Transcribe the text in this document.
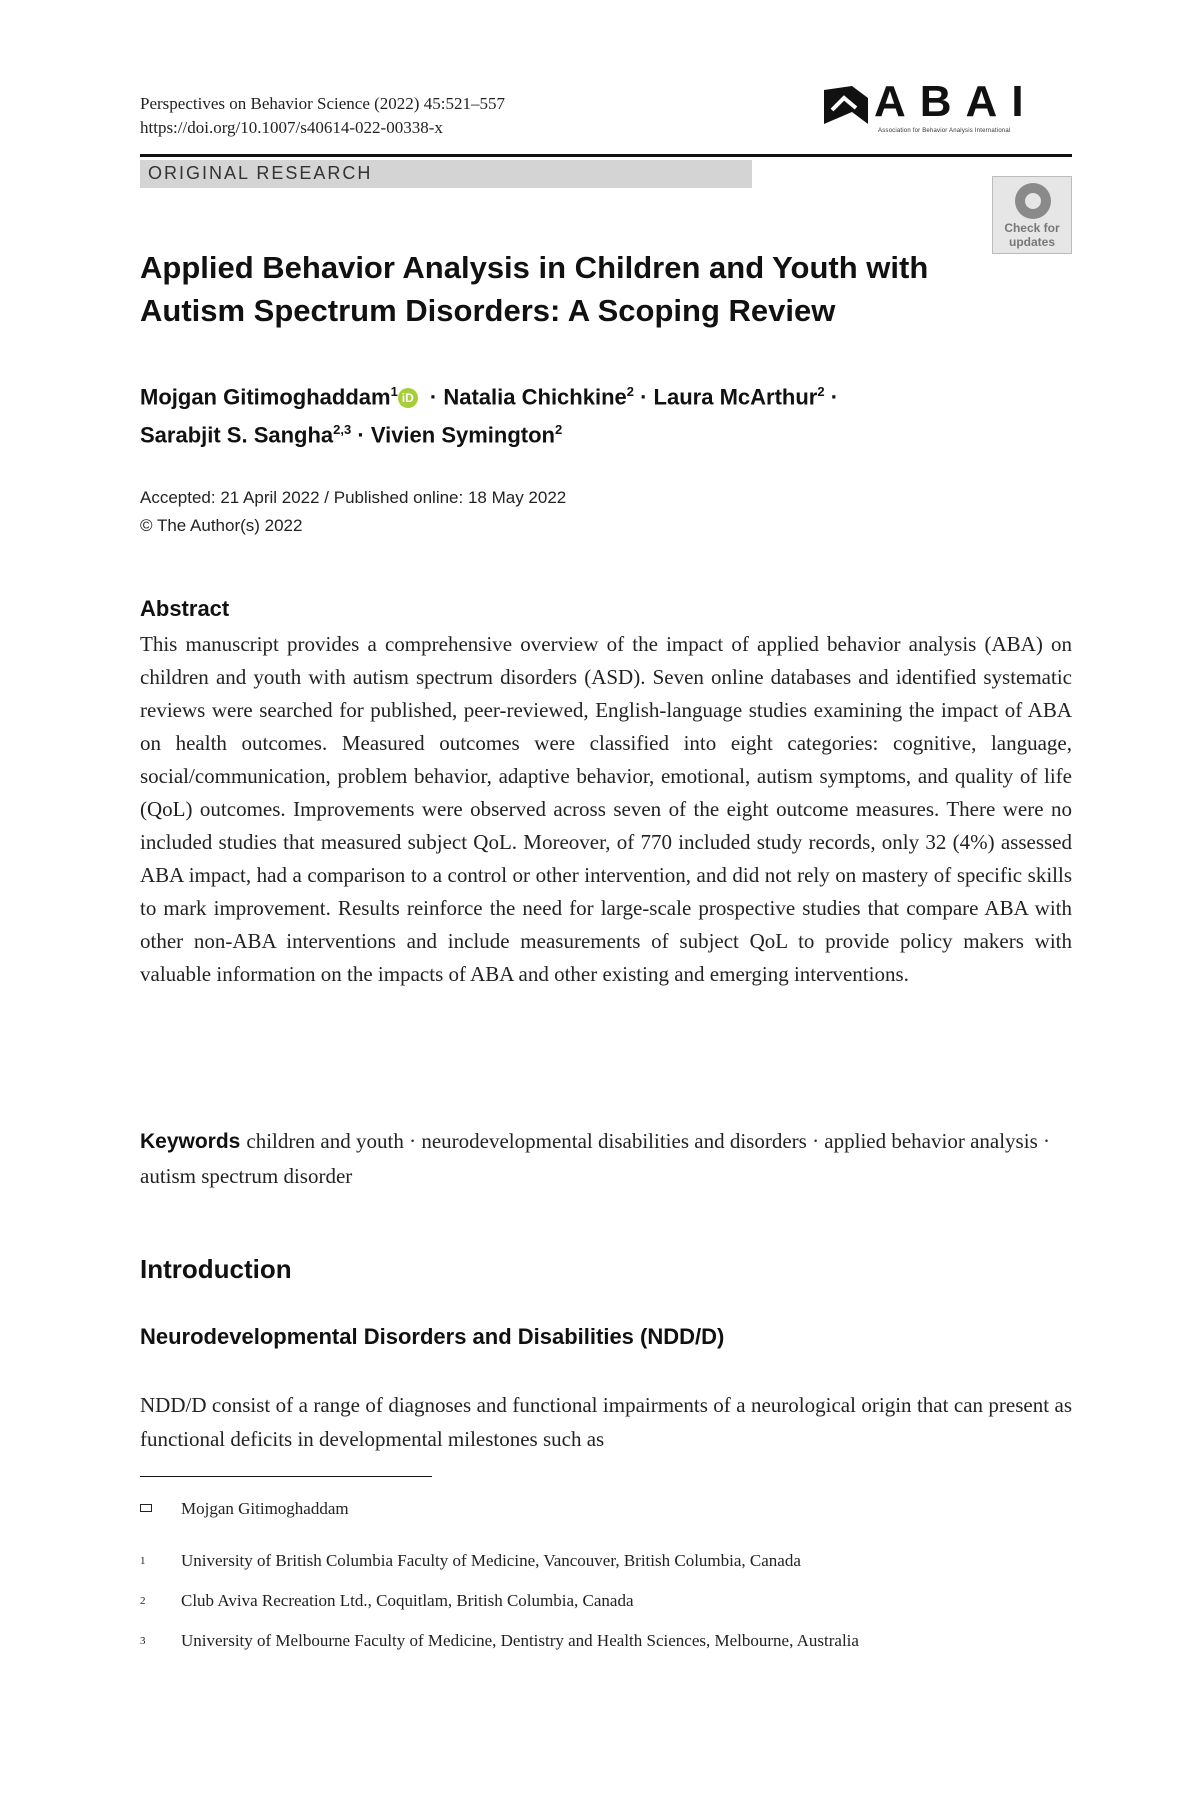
Perspectives on Behavior Science (2022) 45:521–557
https://doi.org/10.1007/s40614-022-00338-x
ABAI
Association for Behavior Analysis International
ORIGINAL RESEARCH
Check for updates
Applied Behavior Analysis in Children and Youth with Autism Spectrum Disorders: A Scoping Review
Mojgan Gitimoghaddam$^1$ iD · Natalia Chichkine$^2$ · Laura McArthur$^2$ ·
Sarabjit S. Sangha$^{2,3}$ · Vivien Symington$^2$
Accepted: 21 April 2022 / Published online: 18 May 2022
© The Author(s) 2022
Abstract

This manuscript provides a comprehensive overview of the impact of applied behavior analysis (ABA) on children and youth with autism spectrum disorders (ASD). Seven online databases and identified systematic reviews were searched for published, peer-reviewed, English-language studies examining the impact of ABA on health outcomes. Measured outcomes were classified into eight categories: cognitive, language, social/communication, problem behavior, adaptive behavior, emotional, autism symptoms, and quality of life (QoL) outcomes. Improvements were observed across seven of the eight outcome measures. There were no included studies that measured subject QoL. Moreover, of 770 included study records, only 32 (4%) assessed ABA impact, had a comparison to a control or other intervention, and did not rely on mastery of specific skills to mark improvement. Results reinforce the need for large-scale prospective studies that compare ABA with other non-ABA interventions and include measurements of subject QoL to provide policy makers with valuable information on the impacts of ABA and other existing and emerging interventions.

Keywords children and youth · neurodevelopmental disabilities and disorders · applied behavior analysis · autism spectrum disorder
Introduction
Neurodevelopmental Disorders and Disabilities (NDD/D)

NDD/D consist of a range of diagnoses and functional impairments of a neurological origin that can present as functional deficits in developmental milestones such as

Mojgan Gitimoghaddam
1 University of British Columbia Faculty of Medicine, Vancouver, British Columbia, Canada
2 Club Aviva Recreation Ltd., Coquitlam, British Columbia, Canada
3 University of Melbourne Faculty of Medicine, Dentistry and Health Sciences, Melbourne, Australia
